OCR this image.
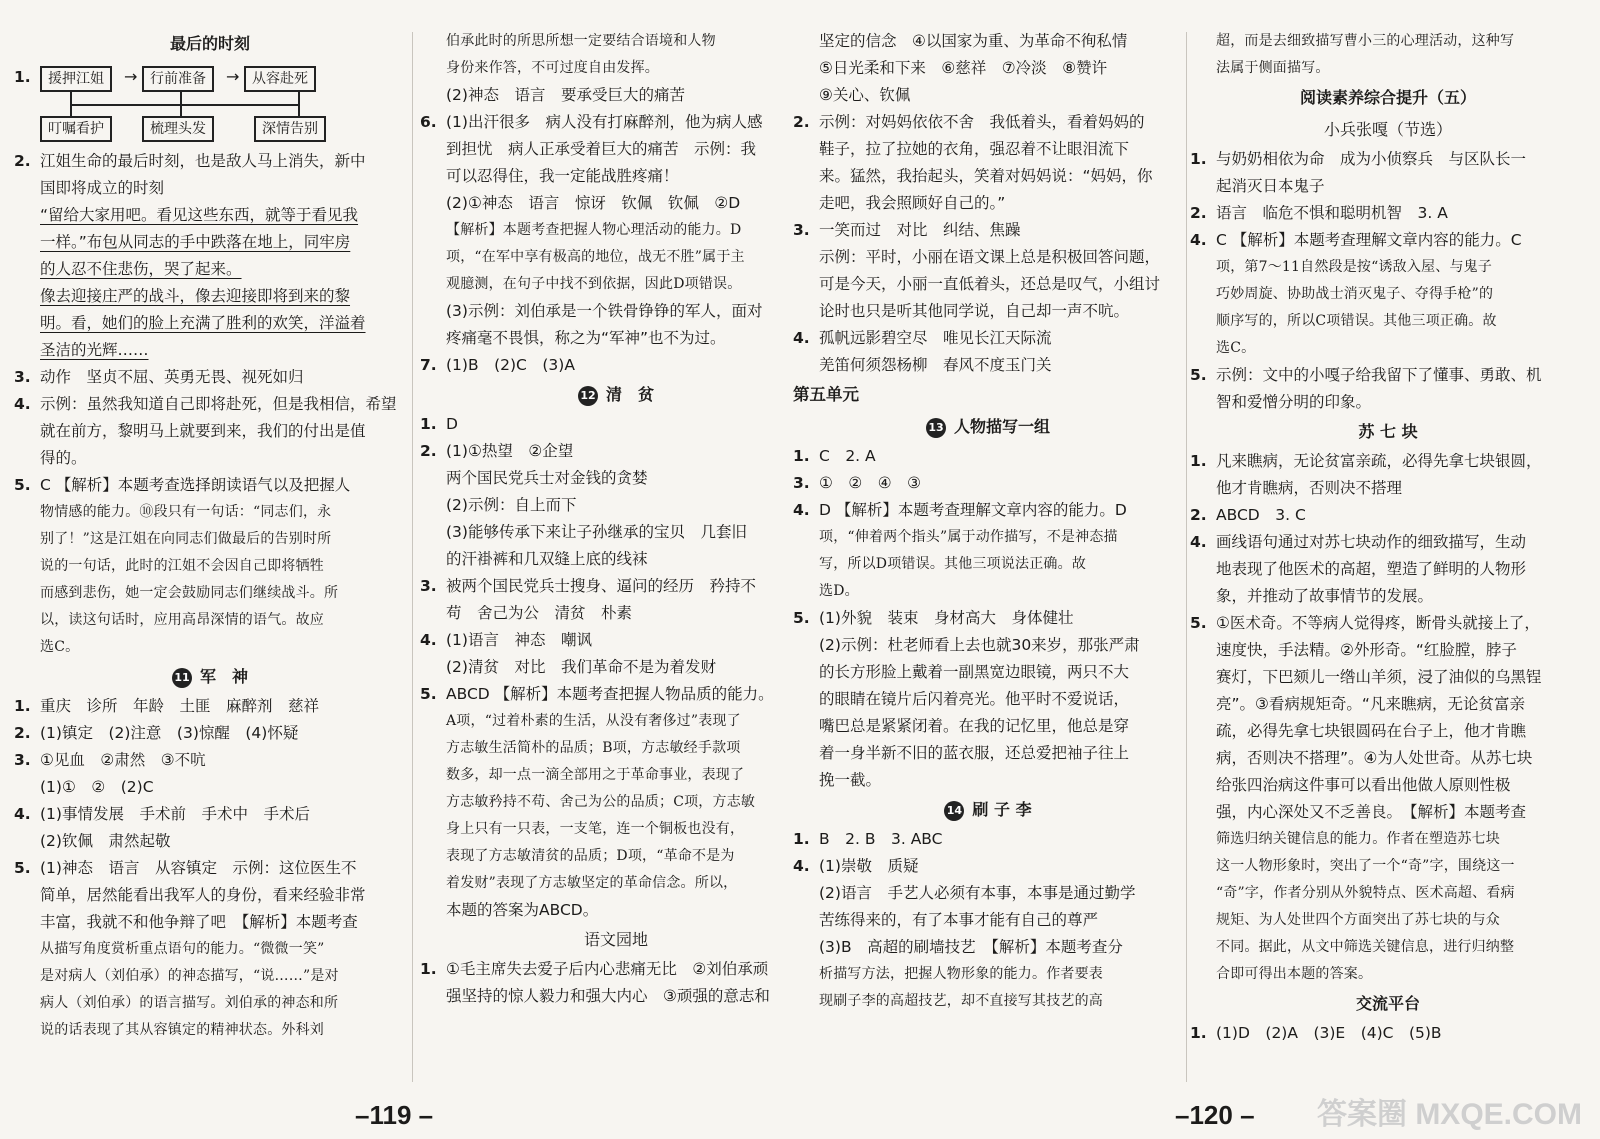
最后的时刻
1.	援押江姐	→ 行前准备	→ 从容赴死
叮嘱看护	梳理头发	深情告别
2. 江姐生命的最后时刻，也是敌人马上消失，新中
国即将成立的时刻
“留给大家用吧。看见这些东西，就等于看见我
一样。”布包从同志的手中跌落在地上，同牢房
的人忍不住悲伤，哭了起来。
像去迎接庄严的战斗，像去迎接即将到来的黎
明。看，她们的脸上充满了胜利的欢笑，洋溢着
圣洁的光辉……
3. 动作　坚贞不屈、英勇无畏、视死如归
4. 示例：虽然我知道自己即将赴死，但是我相信，希望
就在前方，黎明马上就要到来，我们的付出是值
得的。
5. C 【解析】本题考查选择朗读语气以及把握人
物情感的能力。⑩段只有一句话：“同志们，永
别了！”这是江姐在向同志们做最后的告别时所
说的一句话，此时的江姐不会因自己即将牺牲
而感到悲伤，她一定会鼓励同志们继续战斗。所
以，读这句话时，应用高昂深情的语气。故应
选C。
11 军　神
1. 重庆　诊所　年龄　土匪　麻醉剂　慈祥
2. (1)镇定　(2)注意　(3)惊醒　(4)怀疑
3. ①见血　②肃然　③不吭
(1)①　②　(2)C
4. (1)事情发展　手术前　手术中　手术后
(2)钦佩　肃然起敬
5. (1)神态　语言　从容镇定　示例：这位医生不
简单，居然能看出我军人的身份，看来经验非常
丰富，我就不和他争辩了吧　【解析】本题考查
从描写角度赏析重点语句的能力。“微微一笑”
是对病人（刘伯承）的神态描写，“说……”是对
病人（刘伯承）的语言描写。刘伯承的神态和所
说的话表现了其从容镇定的精神状态。外科刘
伯承此时的所思所想一定要结合语境和人物
身份来作答，不可过度自由发挥。
(2)神态　语言　要承受巨大的痛苦
6. (1)出汗很多　病人没有打麻醉剂，他为病人感
到担忧　病人正承受着巨大的痛苦　示例：我
可以忍得住，我一定能战胜疼痛！
(2)①神态　语言　惊讶　钦佩　钦佩　②D
【解析】本题考查把握人物心理活动的能力。D
项，“在军中享有极高的地位，战无不胜”属于主
观臆测，在句子中找不到依据，因此D项错误。
(3)示例：刘伯承是一个铁骨铮铮的军人，面对
疼痛毫不畏惧，称之为“军神”也不为过。
7. (1)B　(2)C　(3)A
12 清　贫
1. D
2. (1)①热望　②企望
两个国民党兵士对金钱的贪婪
(2)示例：自上而下
(3)能够传承下来让子孙继承的宝贝　几套旧
的汗褂裤和几双缝上底的线袜
3. 被两个国民党兵士搜身、逼问的经历　矜持不
苟　舍己为公　清贫　朴素
4. (1)语言　神态　嘲讽
(2)清贫　对比　我们革命不是为着发财
5. ABCD 【解析】本题考查把握人物品质的能力。
A项，“过着朴素的生活，从没有奢侈过”表现了
方志敏生活简朴的品质；B项，方志敏经手款项
数多，却一点一滴全部用之于革命事业，表现了
方志敏矜持不苟、舍己为公的品质；C项，方志敏
身上只有一只表，一支笔，连一个铜板也没有，
表现了方志敏清贫的品质；D项，“革命不是为
着发财”表现了方志敏坚定的革命信念。所以，
本题的答案为ABCD。
语文园地
1. ①毛主席失去爱子后内心悲痛无比　②刘伯承顽
强坚持的惊人毅力和强大内心　③顽强的意志和
坚定的信念　④以国家为重、为革命不徇私情
⑤日光柔和下来　⑥慈祥　⑦冷淡　⑧赞许
⑨关心、钦佩
2. 示例：对妈妈依依不舍　我低着头，看着妈妈的
鞋子，拉了拉她的衣角，强忍着不让眼泪流下
来。猛然，我抬起头，笑着对妈妈说：“妈妈，你
走吧，我会照顾好自己的。”
3. 一笑而过　对比　纠结、焦躁
示例：平时，小丽在语文课上总是积极回答问题，
可是今天，小丽一直低着头，还总是叹气，小组讨
论时也只是听其他同学说，自己却一声不吭。
4. 孤帆远影碧空尽　唯见长江天际流
羌笛何须怨杨柳　春风不度玉门关
第五单元
13 人物描写一组
1. C　2. A
3. ①　②　④　③
4. D 【解析】本题考查理解文章内容的能力。D
项，“伸着两个指头”属于动作描写，不是神态描
写，所以D项错误。其他三项说法正确。故
选D。
5. (1)外貌　装束　身材高大　身体健壮
(2)示例：杜老师看上去也就30来岁，那张严肃
的长方形脸上戴着一副黑宽边眼镜，两只不大
的眼睛在镜片后闪着亮光。他平时不爱说话，
嘴巴总是紧紧闭着。在我的记忆里，他总是穿
着一身半新不旧的蓝衣服，还总爱把袖子往上
挽一截。
14 刷 子 李
1. B　2. B　3. ABC
4. (1)崇敬　质疑
(2)语言　手艺人必须有本事，本事是通过勤学
苦练得来的，有了本事才能有自己的尊严
(3)B　高超的刷墙技艺　【解析】本题考查分
析描写方法，把握人物形象的能力。作者要表
现刷子李的高超技艺，却不直接写其技艺的高
超，而是去细致描写曹小三的心理活动，这种写
法属于侧面描写。
阅读素养综合提升（五）
小兵张嘎（节选）
1. 与奶奶相依为命　成为小侦察兵　与区队长一
起消灭日本鬼子
2. 语言　临危不惧和聪明机智　3. A
4. C 【解析】本题考查理解文章内容的能力。C
项，第7～11自然段是按“诱敌入屋、与鬼子
巧妙周旋、协助战士消灭鬼子、夺得手枪”的
顺序写的，所以C项错误。其他三项正确。故
选C。
5. 示例：文中的小嘎子给我留下了懂事、勇敢、机
智和爱憎分明的印象。
苏 七 块
1. 凡来瞧病，无论贫富亲疏，必得先拿七块银圆，
他才肯瞧病，否则决不搭理
2. ABCD　3. C
4. 画线语句通过对苏七块动作的细致描写，生动
地表现了他医术的高超，塑造了鲜明的人物形
象，并推动了故事情节的发展。
5. ①医术奇。不等病人觉得疼，断骨头就接上了，
速度快，手法精。②外形奇。“红脸膛，脖子
赛灯，下巴颏儿一绺山羊须，浸了油似的乌黑锃
亮”。③看病规矩奇。“凡来瞧病，无论贫富亲
疏，必得先拿七块银圆码在台子上，他才肯瞧
病，否则决不搭理”。④为人处世奇。从苏七块
给张四治病这件事可以看出他做人原则性极
强，内心深处又不乏善良。　【解析】本题考查
筛选归纳关键信息的能力。作者在塑造苏七块
这一人物形象时，突出了一个“奇”字，围绕这一
“奇”字，作者分别从外貌特点、医术高超、看病
规矩、为人处世四个方面突出了苏七块的与众
不同。据此，从文中筛选关键信息，进行归纳整
合即可得出本题的答案。
交流平台
1. (1)D　(2)A　(3)E　(4)C　(5)B
–119 –	–120 – 答案圈 MXQE.COM
